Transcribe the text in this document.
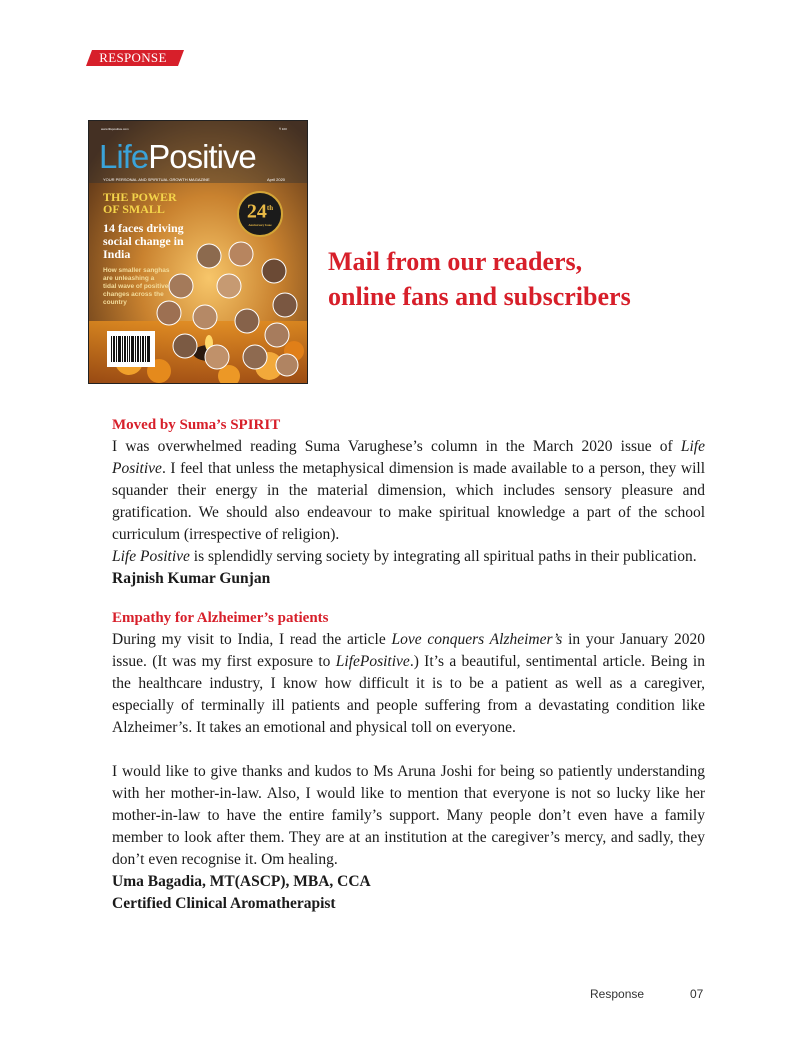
RESPONSE
www.lifepositive.com	₹ 100
LifePositive
YOUR PERSONAL AND SPIRITUAL GROWTH MAGAZINE	April 2020
THE POWER
OF SMALL
14 faces driving
social change in
India
How smaller sanghas
are unleashing a
tidal wave of positive
changes across the
country
24th
Anniversary Issue
Mail from our readers,
online fans and subscribers

Moved by Suma’s SPIRIT

I was overwhelmed reading Suma Varughese’s column in the March 2020 issue of Life Positive. I feel that unless the metaphysical dimension is made available to a person, they will squander their energy in the material dimension, which includes sensory pleasure and gratification. We should also endeavour to make spiritual knowledge a part of the school curriculum (irrespective of religion).

Life Positive is splendidly serving society by integrating all spiritual paths in their publication.

Rajnish Kumar Gunjan

Empathy for Alzheimer’s patients

During my visit to India, I read the article Love conquers Alzheimer’s in your January 2020 issue. (It was my first exposure to LifePositive.) It’s a beautiful, sentimental article. Being in the healthcare industry, I know how difficult it is to be a patient as well as a caregiver, especially of terminally ill patients and people suffering from a devastating condition like Alzheimer’s. It takes an emotional and physical toll on everyone.

I would like to give thanks and kudos to Ms Aruna Joshi for being so patiently understanding with her mother-in-law. Also, I would like to mention that everyone is not so lucky like her mother-in-law to have the entire family’s support. Many people don’t even have a family member to look after them. They are at an institution at the caregiver’s mercy, and sadly, they don’t even recognise it. Om healing.

Uma Bagadia, MT(ASCP), MBA, CCA

Certified Clinical Aromatherapist

Response	07
